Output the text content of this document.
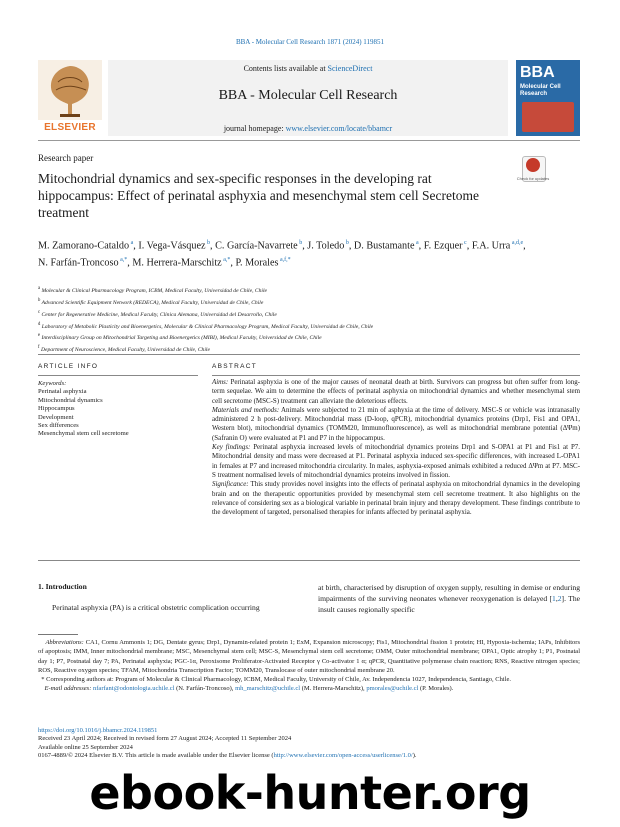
BBA - Molecular Cell Research 1871 (2024) 119851
ELSEVIER
Contents lists available at ScienceDirect
BBA - Molecular Cell Research
journal homepage: www.elsevier.com/locate/bbamcr
BBA
Molecular Cell Research
Research paper
Mitochondrial dynamics and sex-specific responses in the developing rat hippocampus: Effect of perinatal asphyxia and mesenchymal stem cell Secretome treatment
Check for updates
M. Zamorano-Cataldo $^a$, I. Vega-Vásquez $^b$, C. García-Navarrete $^b$, J. Toledo $^b$, D. Bustamante $^a$, F. Ezquer $^c$, F.A. Urra $^{a,d,e}$, N. Farfán-Troncoso $^{a,*}$, M. Herrera-Marschitz $^{a,*}$, P. Morales $^{a,f,*}$
$^a$ Molecular & Clinical Pharmacology Program, ICBM, Medical Faculty, Universidad de Chile, Chile
$^b$ Advanced Scientific Equipment Network (REDECA), Medical Faculty, Universidad de Chile, Chile
$^c$ Center for Regenerative Medicine, Medical Faculty, Clínica Alemana, Universidad del Desarrollo, Chile
$^d$ Laboratory of Metabolic Plasticity and Bioenergetics, Molecular & Clinical Pharmacology Program, Medical Faculty, Universidad de Chile, Chile
$^e$ Interdisciplinary Group on Mitochondrial Targeting and Bioenergetics (MIBI), Medical Faculty, Universidad de Chile, Chile
$^f$ Department of Neuroscience, Medical Faculty, Universidad de Chile, Chile
ARTICLE INFO	ABSTRACT

Keywords:

Perinatal asphyxia
Mitochondrial dynamics
Hippocampus
Development
Sex differences
Mesenchymal stem cell secretome

Aims: Perinatal asphyxia is one of the major causes of neonatal death at birth. Survivors can progress but often suffer from long-term sequelae. We aim to determine the effects of perinatal asphyxia on mitochondrial dynamics and whether mesenchymal stem cell secretome (MSC-S) treatment can alleviate the deleterious effects.

Materials and methods: Animals were subjected to 21 min of asphyxia at the time of delivery. MSC-S or vehicle was intranasally administered 2 h post-delivery. Mitochondrial mass (D-loop, qPCR), mitochondrial dynamics proteins (Drp1, Fis1 and OPA1, Western blot), mitochondrial dynamics (TOMM20, Immunofluorescence), as well as mitochondrial membrane potential (ΔΨm) (Safranin O) were evaluated at P1 and P7 in the hippocampus.

Key findings: Perinatal asphyxia increased levels of mitochondrial dynamics proteins Drp1 and S-OPA1 at P1 and Fis1 at P7. Mitochondrial density and mass were decreased at P1. Perinatal asphyxia induced sex-specific differences, with increased L-OPA1 in females at P7 and increased mitochondria circularity. In males, asphyxia-exposed animals exhibited a reduced ΔΨm at P7. MSC-S treatment normalised levels of mitochondrial dynamics proteins involved in fission.

Significance: This study provides novel insights into the effects of perinatal asphyxia on mitochondrial dynamics in the developing brain and on the therapeutic opportunities provided by mesenchymal stem cell secretome treatment. It also highlights on the relevance of considering sex as a biological variable in perinatal brain injury and therapy development. These findings contribute to the development of targeted, personalised therapies for infants affected by perinatal asphyxia.

1. Introduction
Perinatal asphyxia (PA) is a critical obstetric complication occurring
at birth, characterised by disruption of oxygen supply, resulting in demise or enduring impairments of the surviving neonates whenever reoxygenation is delayed [1,2]. The insult causes regionally specific

Abbreviations: CA1, Cornu Ammonis 1; DG, Dentate gyrus; Drp1, Dynamin-related protein 1; ExM, Expansion microscopy; Fis1, Mitochondrial fission 1 protein; HI, Hypoxia-ischemia; IAPs, Inhibitors of apoptosis; IMM, Inner mitochondrial membrane; MSC, Mesenchymal stem cell; MSC-S, Mesenchymal stem cell secretome; OMM, Outer mitochondrial membrane; OPA1, Optic atrophy 1; P1, Postnatal day 1; P7, Postnatal day 7; PA, Perinatal asphyxia; PGC-1α, Peroxisome Proliferator-Activated Receptor γ Co-activator 1 α; qPCR, Quantitative polymerase chain reaction; RNS, Reactive nitrogen species; ROS, Reactive oxygen species; TFAM, Mitochondria Transcription Factor; TOMM20, Translocase of outer mitochondrial membrane 20.

* Corresponding authors at: Program of Molecular & Clinical Pharmacology, ICBM, Medical Faculty, University of Chile, Av. Independencia 1027, Independencia, Santiago, Chile.

E-mail addresses: nfarfant@odontologia.uchile.cl (N. Farfán-Troncoso), mh_marschitz@uchile.cl (M. Herrera-Marschitz), pmorales@uchile.cl (P. Morales).

https://doi.org/10.1016/j.bbamcr.2024.119851

Received 23 April 2024; Received in revised form 27 August 2024; Accepted 11 September 2024

Available online 25 September 2024

0167-4889/© 2024 Elsevier B.V. This article is made available under the Elsevier license (http://www.elsevier.com/open-access/userlicense/1.0/).

ebook-hunter.org
